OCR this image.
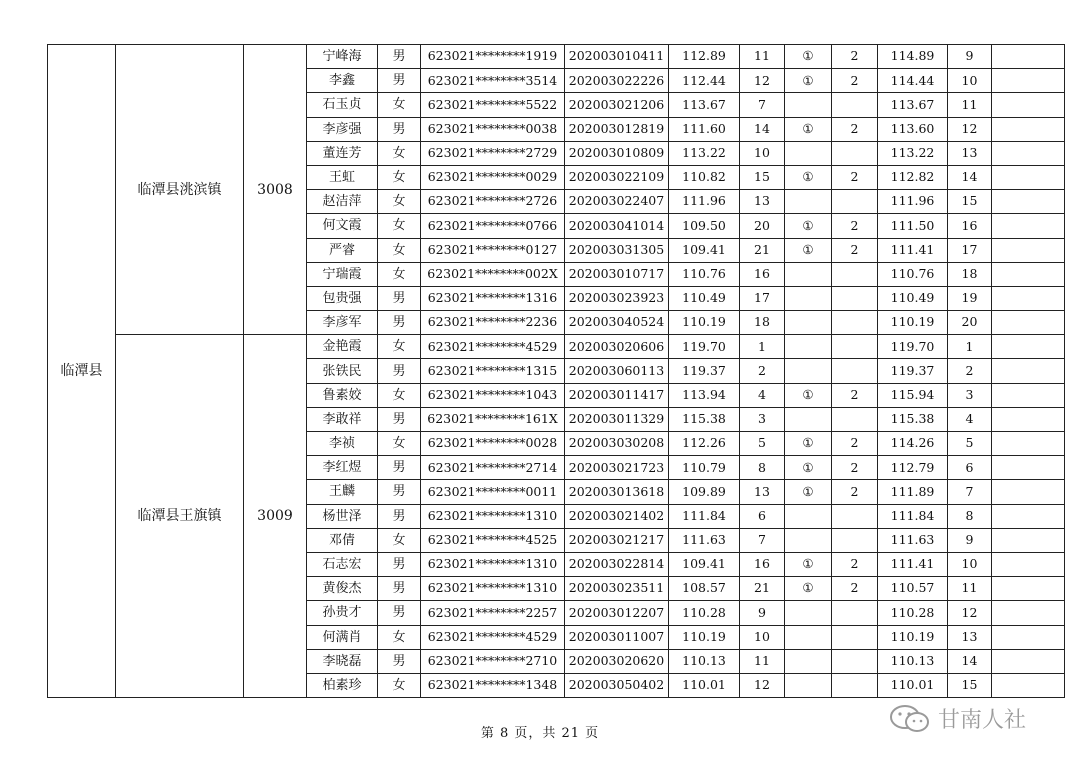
临潭县	临潭县洮滨镇	3008	宁峰海	男	623021********1919	202003010411	112.89	11	①	2	114.89	9	
			李鑫	男	623021********3514	202003022226	112.44	12	①	2	114.44	10	
			石玉贞	女	623021********5522	202003021206	113.67	7			113.67	11	
			李彦强	男	623021********0038	202003012819	111.60	14	①	2	113.60	12	
			董连芳	女	623021********2729	202003010809	113.22	10			113.22	13	
			王虹	女	623021********0029	202003022109	110.82	15	①	2	112.82	14	
			赵洁萍	女	623021********2726	202003022407	111.96	13			111.96	15	
			何文霞	女	623021********0766	202003041014	109.50	20	①	2	111.50	16	
			严睿	女	623021********0127	202003031305	109.41	21	①	2	111.41	17	
			宁瑞霞	女	623021********002X	202003010717	110.76	16			110.76	18	
			包贵强	男	623021********1316	202003023923	110.49	17			110.49	19	
			李彦军	男	623021********2236	202003040524	110.19	18			110.19	20	
	临潭县王旗镇	3009	金艳霞	女	623021********4529	202003020606	119.70	1			119.70	1	
			张铁民	男	623021********1315	202003060113	119.37	2			119.37	2	
			鲁素姣	女	623021********1043	202003011417	113.94	4	①	2	115.94	3	
			李敢祥	男	623021********161X	202003011329	115.38	3			115.38	4	
			李祯	女	623021********0028	202003030208	112.26	5	①	2	114.26	5	
			李红煜	男	623021********2714	202003021723	110.79	8	①	2	112.79	6	
			王麟	男	623021********0011	202003013618	109.89	13	①	2	111.89	7	
			杨世泽	男	623021********1310	202003021402	111.84	6			111.84	8	
			邓倩	女	623021********4525	202003021217	111.63	7			111.63	9	
			石志宏	男	623021********1310	202003022814	109.41	16	①	2	111.41	10	
			黄俊杰	男	623021********1310	202003023511	108.57	21	①	2	110.57	11	
			孙贵才	男	623021********2257	202003012207	110.28	9			110.28	12	
			何满肖	女	623021********4529	202003011007	110.19	10			110.19	13	
			李晓磊	男	623021********2710	202003020620	110.13	11			110.13	14	
			柏素珍	女	623021********1348	202003050402	110.01	12			110.01	15	
第 8 页，共 21 页
甘南人社
